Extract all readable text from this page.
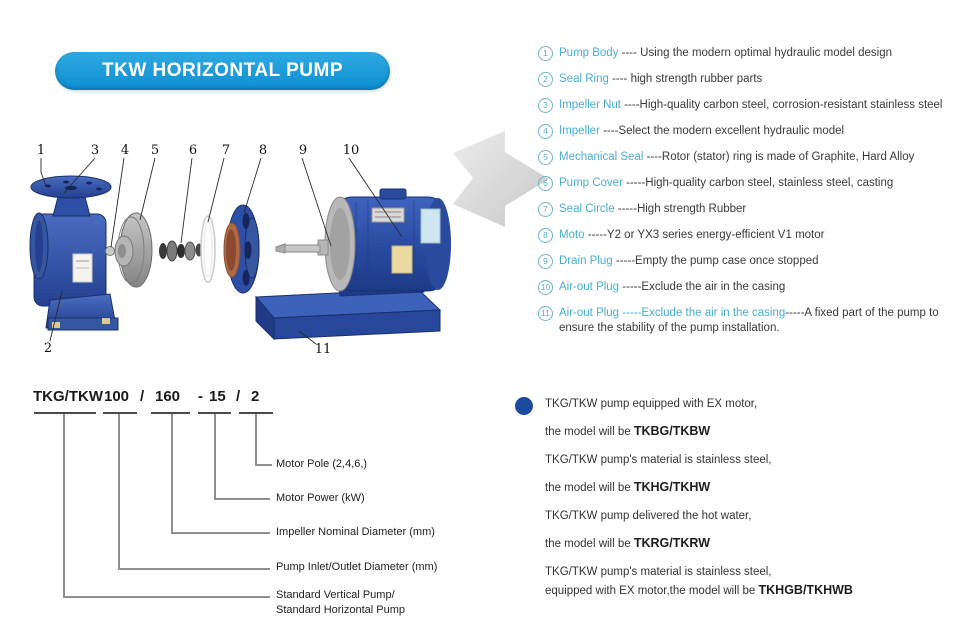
TKW HORIZONTAL PUMP
1	3 4 5 6 7 8 9	10
2	11
1 Pump Body ---- Using the modern optimal hydraulic model design
2 Seal Ring ---- high strength rubber parts
3 Impeller Nut ----High-quality carbon steel, corrosion-resistant stainless steel
4 Impeller ----Select the modern excellent hydraulic model
5 Mechanical Seal ----Rotor (stator) ring is made of Graphite, Hard Alloy
6 Pump Cover -----High-quality carbon steel, stainless steel, casting
7 Seal Circle -----High strength Rubber
8 Moto -----Y2 or YX3 series energy-efficient V1 motor
9 Drain Plug -----Empty the pump case once stopped
10 Air-out Plug -----Exclude the air in the casing
11 Air-out Plug -----Exclude the air in the casing-----A fixed part of the pump to ensure the stability of the pump installation.
TKG/TKW 100 / 160 - 15 / 2
Motor Pole (2,4,6,)
Motor Power (kW)
Impeller Nominal Diameter (mm)
Pump Inlet/Outlet Diameter (mm)
Standard Vertical Pump/
Standard Horizontal Pump
TKG/TKW pump equipped with EX motor,
the model will be TKBG/TKBW
TKG/TKW pump's material is stainless steel,
the model will be TKHG/TKHW
TKG/TKW pump delivered the hot water,
the model will be TKRG/TKRW
TKG/TKW pump's material is stainless steel,
equipped with EX motor,the model will be TKHGB/TKHWB
